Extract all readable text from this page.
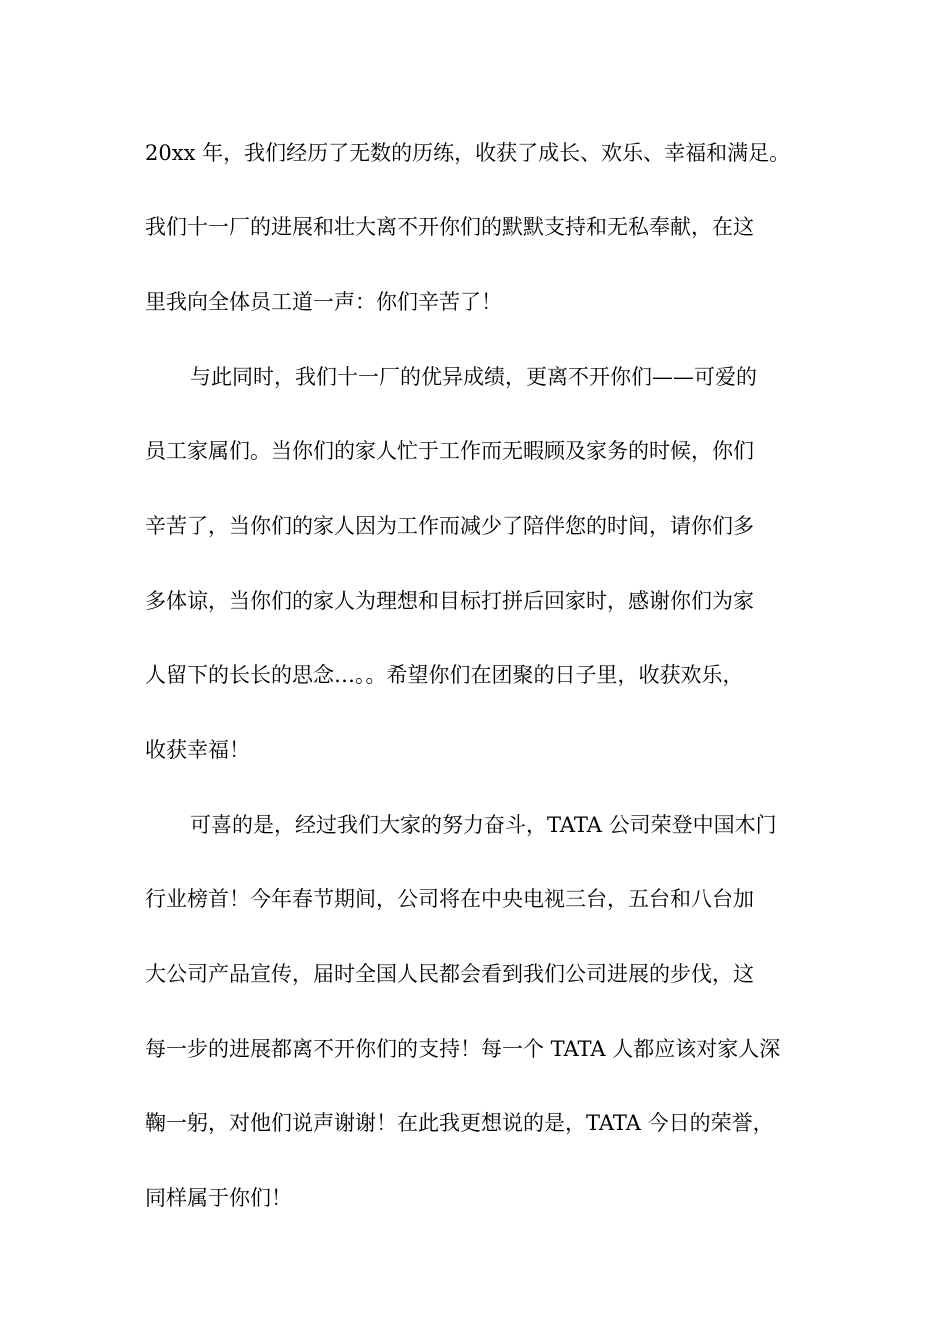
20xx 年，我们经历了无数的历练，收获了成长、欢乐、幸福和满足。
我们十一厂的进展和壮大离不开你们的默默支持和无私奉献，在这
里我向全体员工道一声：你们辛苦了！
与此同时，我们十一厂的优异成绩，更离不开你们——可爱的
员工家属们。当你们的家人忙于工作而无暇顾及家务的时候，你们
辛苦了，当你们的家人因为工作而减少了陪伴您的时间，请你们多
多体谅，当你们的家人为理想和目标打拼后回家时，感谢你们为家
人留下的长长的思念…。。希望你们在团聚的日子里，收获欢乐，
收获幸福！
可喜的是，经过我们大家的努力奋斗，TATA 公司荣登中国木门
行业榜首！今年春节期间，公司将在中央电视三台，五台和八台加
大公司产品宣传，届时全国人民都会看到我们公司进展的步伐，这
每一步的进展都离不开你们的支持！每一个 TATA 人都应该对家人深
鞠一躬，对他们说声谢谢！在此我更想说的是，TATA 今日的荣誉，
同样属于你们！
